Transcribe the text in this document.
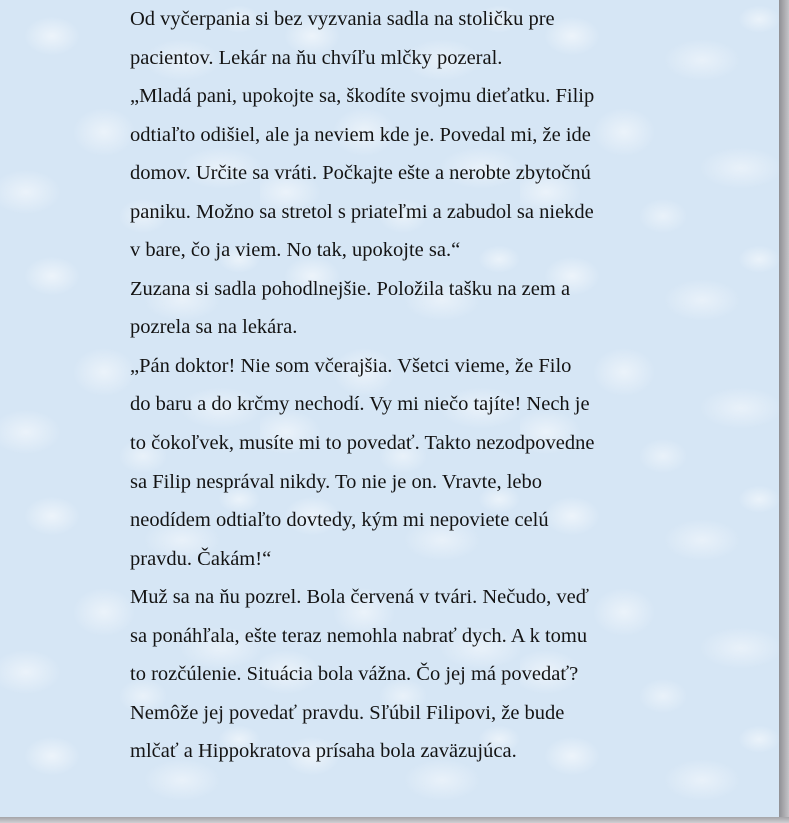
Od vyčerpania si bez vyzvania sadla na stoličku pre
pacientov. Lekár na ňu chvíľu mlčky pozeral.
„Mladá pani, upokojte sa, škodíte svojmu dieťatku. Filip
odtiaľto odišiel, ale ja neviem kde je. Povedal mi, že ide
domov. Určite sa vráti. Počkajte ešte a nerobte zbytočnú
paniku. Možno sa stretol s priateľmi a zabudol sa niekde
v bare, čo ja viem. No tak, upokojte sa.“
Zuzana si sadla pohodlnejšie. Položila tašku na zem a
pozrela sa na lekára.
„Pán doktor! Nie som včerajšia. Všetci vieme, že Filo
do baru a do krčmy nechodí. Vy mi niečo tajíte! Nech je
to čokoľvek, musíte mi to povedať. Takto nezodpovedne
sa Filip nesprával nikdy. To nie je on. Vravte, lebo
neodídem odtiaľto dovtedy, kým mi nepoviete celú
pravdu. Čakám!“
Muž sa na ňu pozrel. Bola červená v tvári. Nečudo, veď
sa ponáhľala, ešte teraz nemohla nabrať dych. A k tomu
to rozčúlenie. Situácia bola vážna. Čo jej má povedať?
Nemôže jej povedať pravdu. Sľúbil Filipovi, že bude
mlčať a Hippokratova prísaha bola zaväzujúca.
